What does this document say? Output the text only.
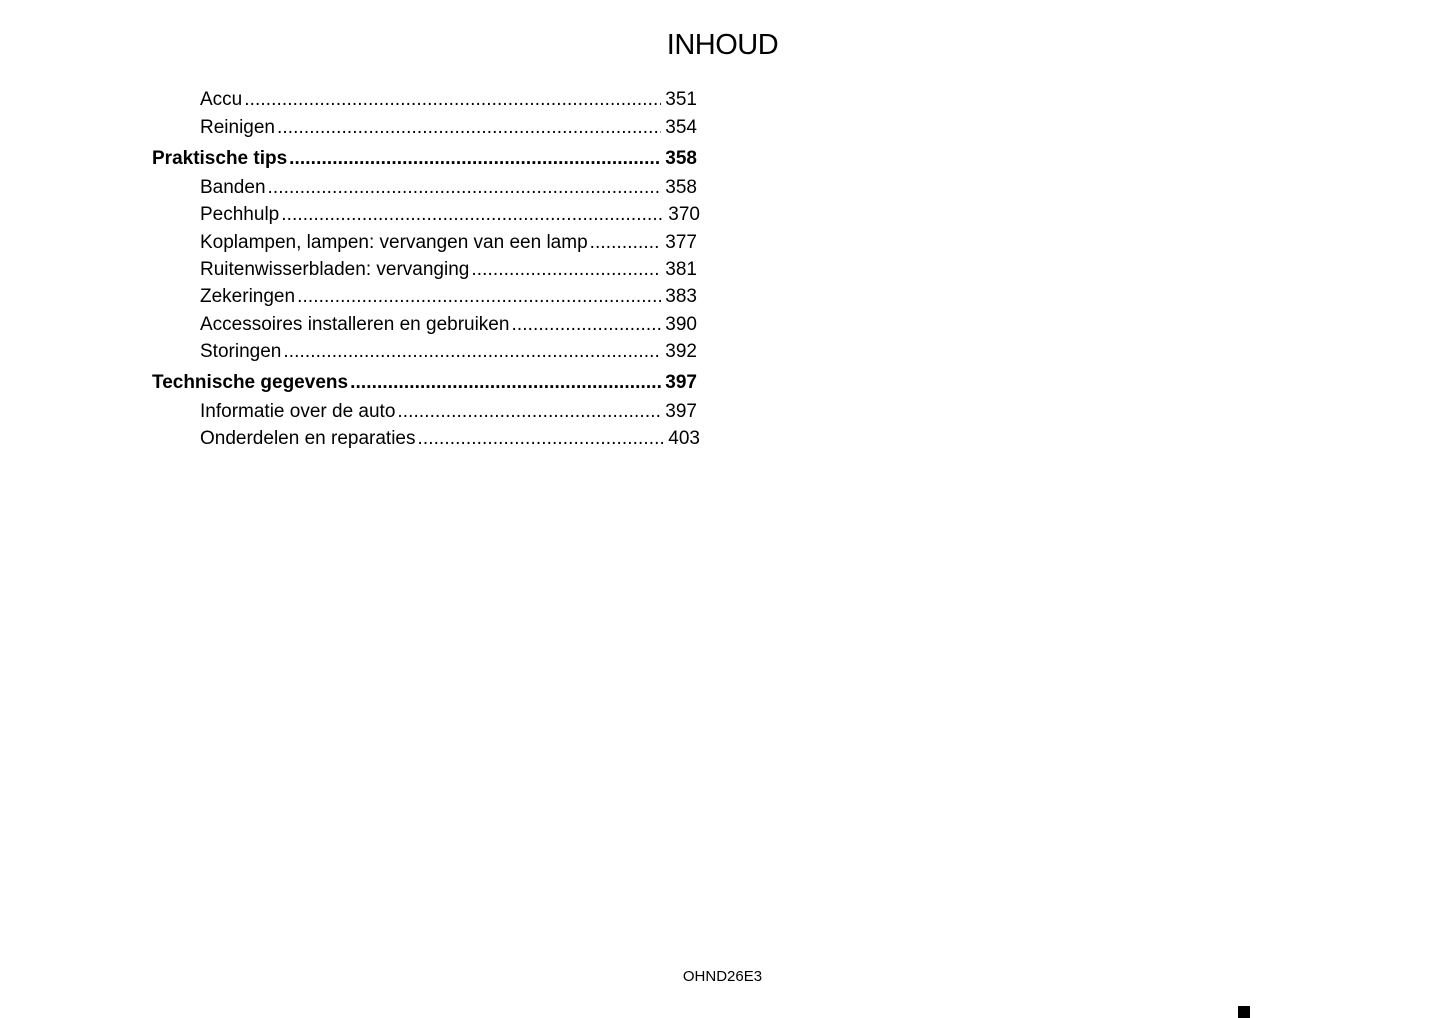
INHOUD
Accu .....	351
Reinigen .....	354
Praktische tips .....	358
Banden .....	358
Pechhulp .....	370
Koplampen, lampen: vervangen van een lamp .....	377
Ruitenwisserbladen: vervanging .....	381
Zekeringen .....	383
Accessoires installeren en gebruiken .....	390
Storingen .....	392
Technische gegevens .....	397
Informatie over de auto .....	397
Onderdelen en reparaties .....	403
OHND26E3
